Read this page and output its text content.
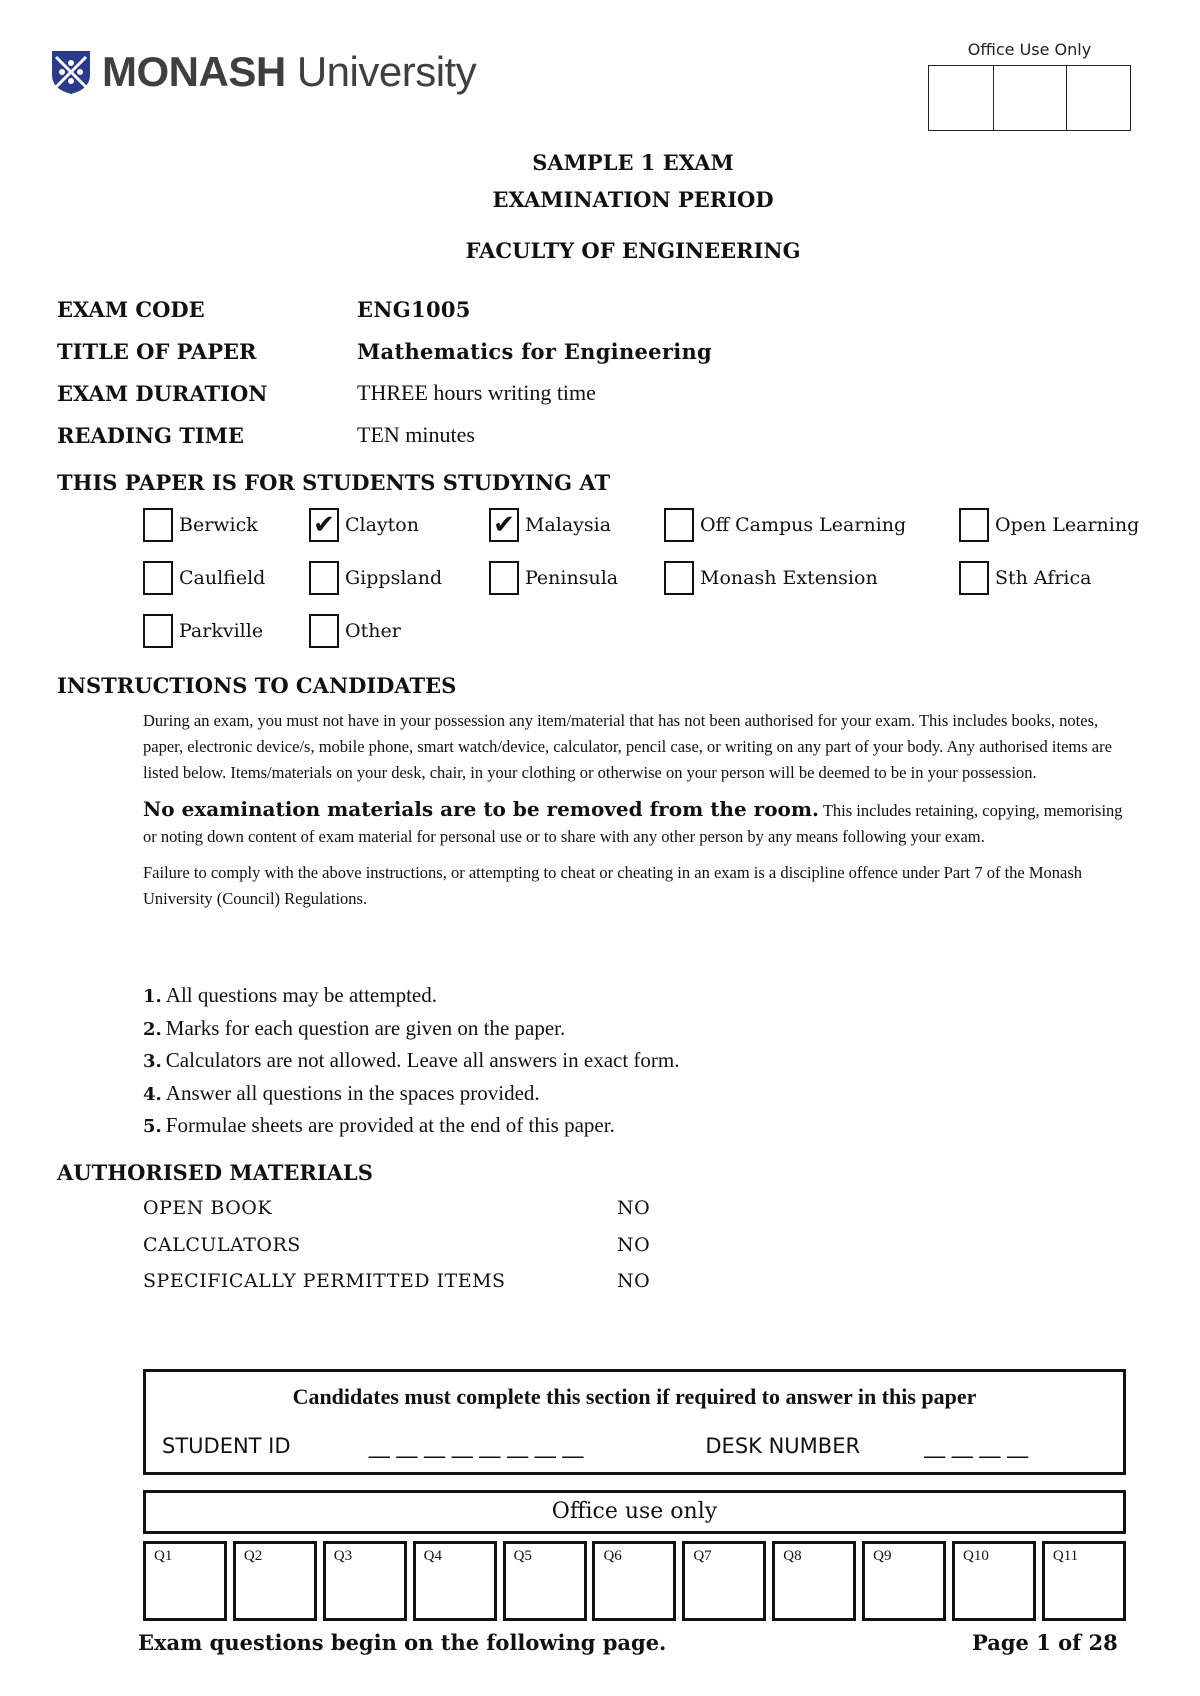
MONASH University	Office Use Only
SAMPLE 1 EXAM
EXAMINATION PERIOD
FACULTY OF ENGINEERING
EXAM CODE	ENG1005
TITLE OF PAPER	Mathematics for Engineering
EXAM DURATION	THREE hours writing time
READING TIME	TEN minutes
THIS PAPER IS FOR STUDENTS STUDYING AT
Berwick ✔ Clayton	✔ Malaysia	Off Campus Learning	Open Learning
Caulfield	Gippsland	Peninsula	Monash Extension	Sth Africa
Parkville	Other
INSTRUCTIONS TO CANDIDATES

During an exam, you must not have in your possession any item/material that has not been authorised for your exam. This includes books, notes, paper, electronic device/s, mobile phone, smart watch/device, calculator, pencil case, or writing on any part of your body. Any authorised items are listed below. Items/materials on your desk, chair, in your clothing or otherwise on your person will be deemed to be in your possession.

No examination materials are to be removed from the room. This includes retaining, copying, memorising or noting down content of exam material for personal use or to share with any other person by any means following your exam.

Failure to comply with the above instructions, or attempting to cheat or cheating in an exam is a discipline offence under Part 7 of the Monash University (Council) Regulations.

1. All questions may be attempted.
2. Marks for each question are given on the paper.
3. Calculators are not allowed. Leave all answers in exact form.
4. Answer all questions in the spaces provided.
5. Formulae sheets are provided at the end of this paper.
AUTHORISED MATERIALS
OPEN BOOK	NO
CALCULATORS	NO
SPECIFICALLY PERMITTED ITEMS	NO
Candidates must complete this section if required to answer in this paper
STUDENT ID	__ __ __ __ __ __ __ __	DESK NUMBER	__ __ __ __
Office use only
Q1	Q2	Q3	Q4	Q5	Q6	Q7	Q8	Q9	Q10	Q11
Exam questions begin on the following page.	Page 1 of 28
